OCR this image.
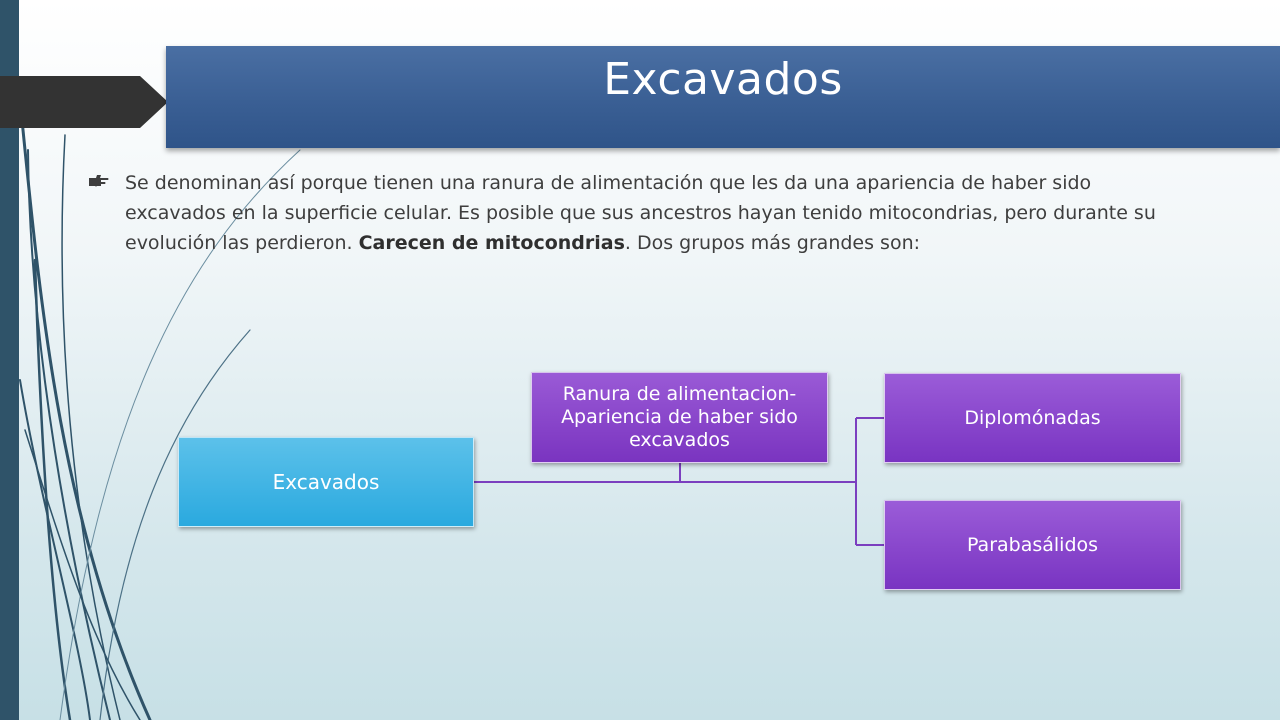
Excavados
Se denominan así porque tienen una ranura de alimentación que les da una apariencia de haber sido excavados en la superficie celular. Es posible que sus ancestros hayan tenido mitocondrias, pero durante su evolución las perdieron. Carecen de mitocondrias. Dos grupos más grandes son:
Excavados
Ranura de alimentacion- Apariencia de haber sido excavados
Diplomónadas
Parabasálidos
